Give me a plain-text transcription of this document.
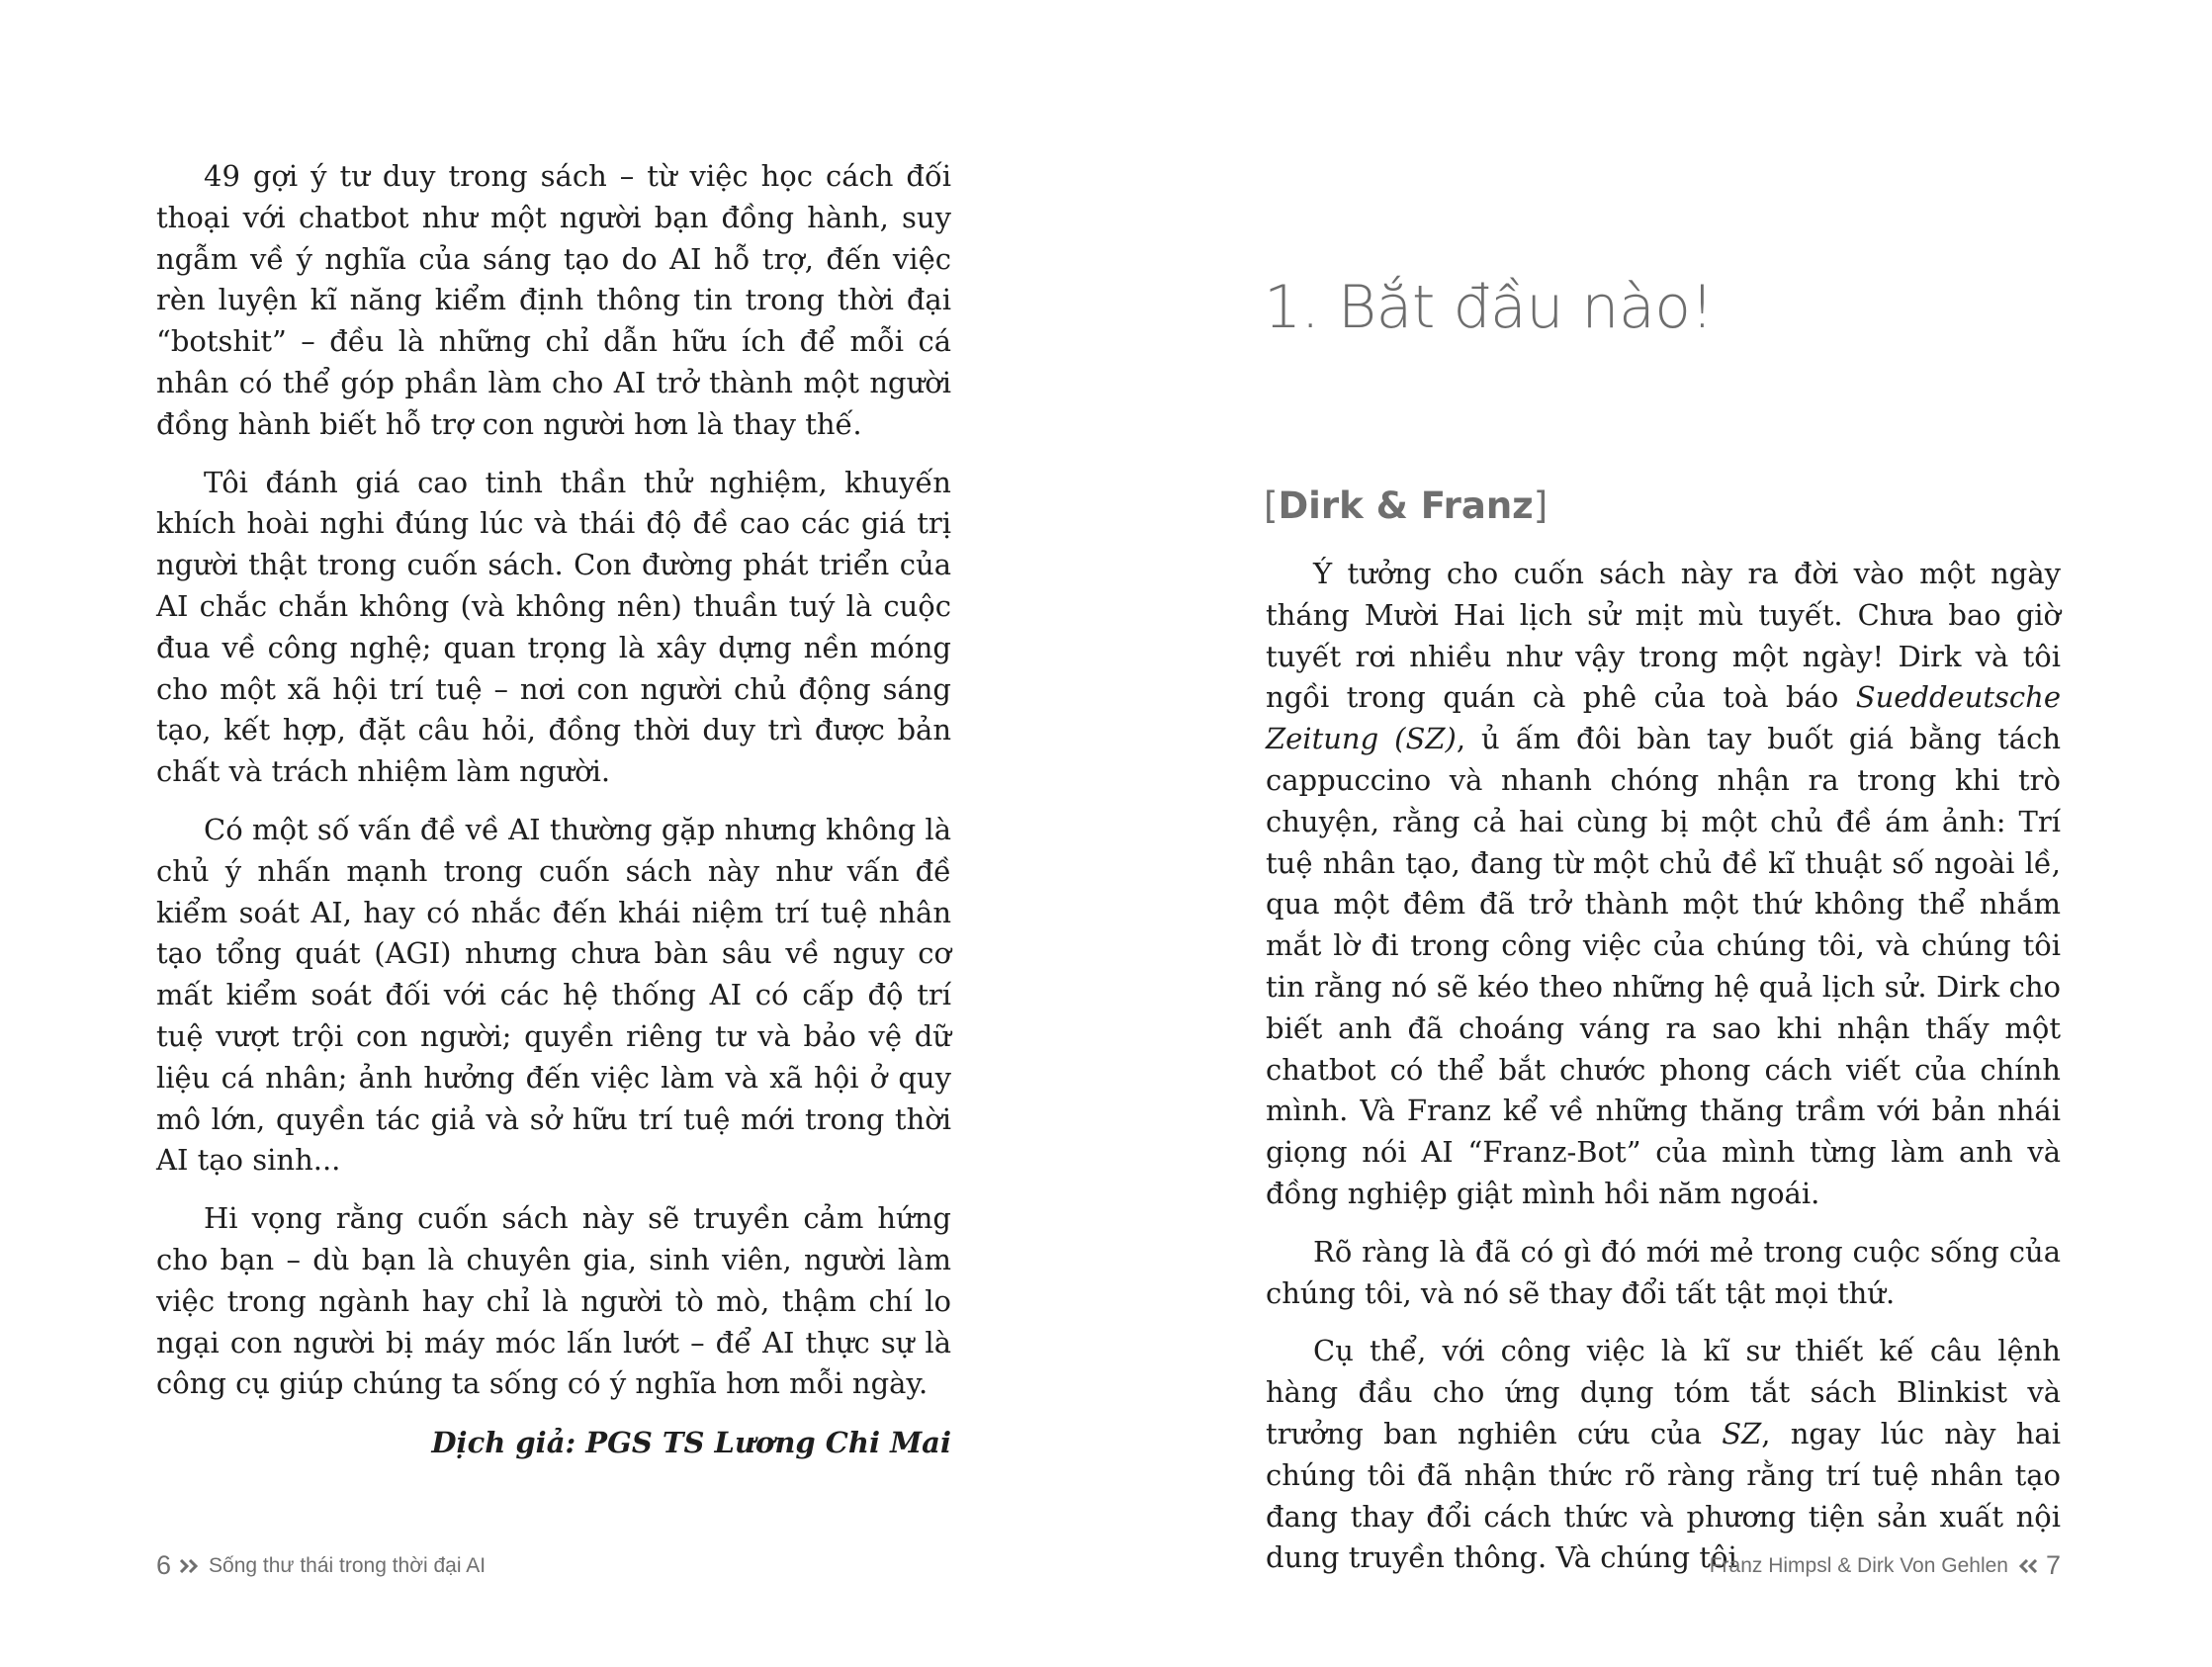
49 gợi ý tư duy trong sách – từ việc học cách đối thoại với chatbot như một người bạn đồng hành, suy ngẫm về ý nghĩa của sáng tạo do AI hỗ trợ, đến việc rèn luyện kĩ năng kiểm định thông tin trong thời đại “botshit” – đều là những chỉ dẫn hữu ích để mỗi cá nhân có thể góp phần làm cho AI trở thành một người đồng hành biết hỗ trợ con người hơn là thay thế.

Tôi đánh giá cao tinh thần thử nghiệm, khuyến khích hoài nghi đúng lúc và thái độ đề cao các giá trị người thật trong cuốn sách. Con đường phát triển của AI chắc chắn không (và không nên) thuần tuý là cuộc đua về công nghệ; quan trọng là xây dựng nền móng cho một xã hội trí tuệ – nơi con người chủ động sáng tạo, kết hợp, đặt câu hỏi, đồng thời duy trì được bản chất và trách nhiệm làm người.

Có một số vấn đề về AI thường gặp nhưng không là chủ ý nhấn mạnh trong cuốn sách này như vấn đề kiểm soát AI, hay có nhắc đến khái niệm trí tuệ nhân tạo tổng quát (AGI) nhưng chưa bàn sâu về nguy cơ mất kiểm soát đối với các hệ thống AI có cấp độ trí tuệ vượt trội con người; quyền riêng tư và bảo vệ dữ liệu cá nhân; ảnh hưởng đến việc làm và xã hội ở quy mô lớn, quyền tác giả và sở hữu trí tuệ mới trong thời AI tạo sinh...

Hi vọng rằng cuốn sách này sẽ truyền cảm hứng cho bạn – dù bạn là chuyên gia, sinh viên, người làm việc trong ngành hay chỉ là người tò mò, thậm chí lo ngại con người bị máy móc lấn lướt – để AI thực sự là công cụ giúp chúng ta sống có ý nghĩa hơn mỗi ngày.

Dịch giả: PGS TS Lương Chi Mai
6 Sống thư thái trong thời đại AI
1. Bắt đầu nào!
[Dirk & Franz]

Ý tưởng cho cuốn sách này ra đời vào một ngày tháng Mười Hai lịch sử mịt mù tuyết. Chưa bao giờ tuyết rơi nhiều như vậy trong một ngày! Dirk và tôi ngồi trong quán cà phê của toà báo Sueddeutsche Zeitung (SZ), ủ ấm đôi bàn tay buốt giá bằng tách cappuccino và nhanh chóng nhận ra trong khi trò chuyện, rằng cả hai cùng bị một chủ đề ám ảnh: Trí tuệ nhân tạo, đang từ một chủ đề kĩ thuật số ngoài lề, qua một đêm đã trở thành một thứ không thể nhắm mắt lờ đi trong công việc của chúng tôi, và chúng tôi tin rằng nó sẽ kéo theo những hệ quả lịch sử. Dirk cho biết anh đã choáng váng ra sao khi nhận thấy một chatbot có thể bắt chước phong cách viết của chính mình. Và Franz kể về những thăng trầm với bản nhái giọng nói AI “Franz-Bot” của mình từng làm anh và đồng nghiệp giật mình hồi năm ngoái.

Rõ ràng là đã có gì đó mới mẻ trong cuộc sống của chúng tôi, và nó sẽ thay đổi tất tật mọi thứ.

Cụ thể, với công việc là kĩ sư thiết kế câu lệnh hàng đầu cho ứng dụng tóm tắt sách Blinkist và trưởng ban nghiên cứu của SZ, ngay lúc này hai chúng tôi đã nhận thức rõ ràng rằng trí tuệ nhân tạo đang thay đổi cách thức và phương tiện sản xuất nội dung truyền thông. Và chúng tôi

Franz Himpsl & Dirk Von Gehlen 7
